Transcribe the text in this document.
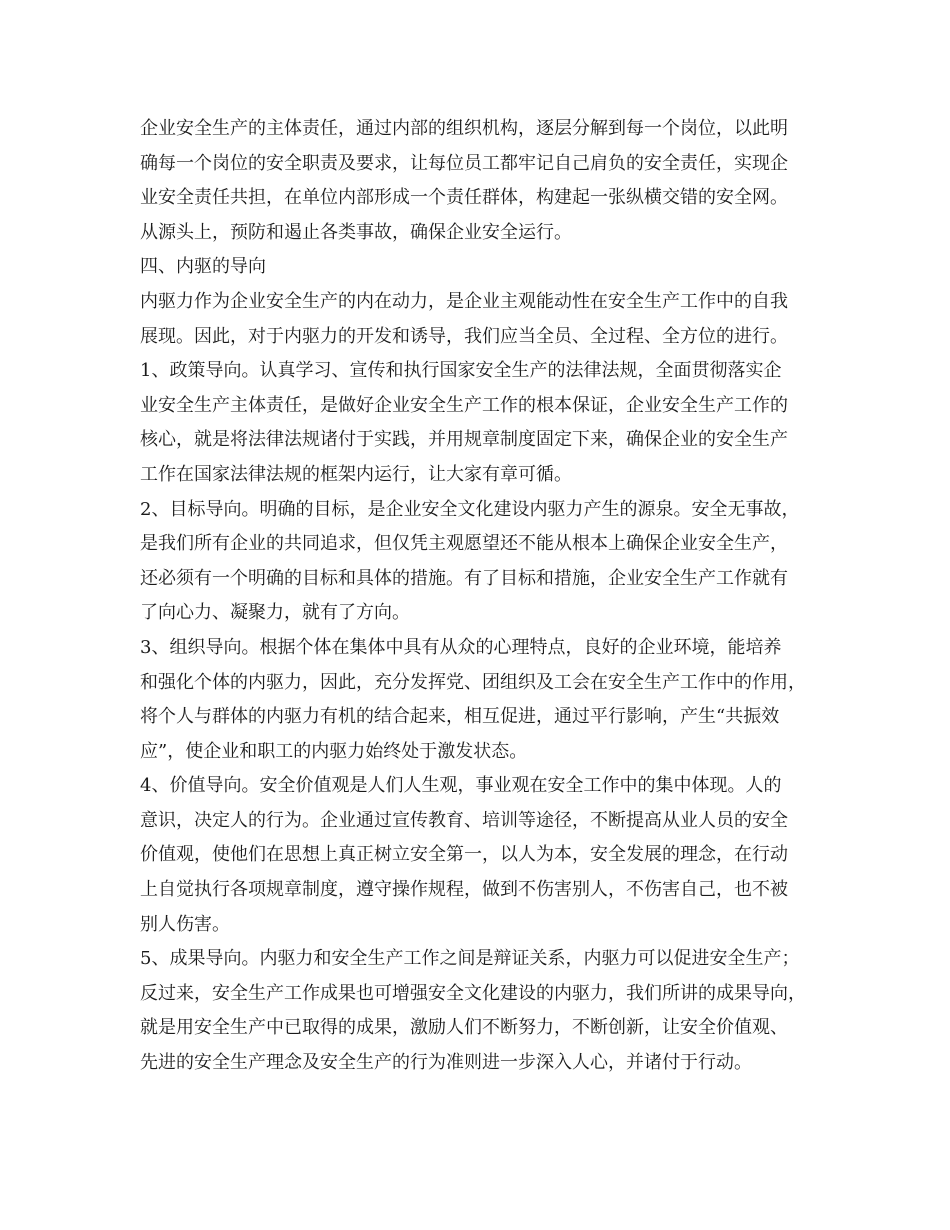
企业安全生产的主体责任，通过内部的组织机构，逐层分解到每一个岗位，以此明
确每一个岗位的安全职责及要求，让每位员工都牢记自己肩负的安全责任，实现企
业安全责任共担，在单位内部形成一个责任群体，构建起一张纵横交错的安全网。
从源头上，预防和遏止各类事故，确保企业安全运行。
四、内驱的导向
内驱力作为企业安全生产的内在动力，是企业主观能动性在安全生产工作中的自我
展现。因此，对于内驱力的开发和诱导，我们应当全员、全过程、全方位的进行。
1、政策导向。认真学习、宣传和执行国家安全生产的法律法规，全面贯彻落实企
业安全生产主体责任，是做好企业安全生产工作的根本保证，企业安全生产工作的
核心，就是将法律法规诸付于实践，并用规章制度固定下来，确保企业的安全生产
工作在国家法律法规的框架内运行，让大家有章可循。
2、目标导向。明确的目标，是企业安全文化建设内驱力产生的源泉。安全无事故，
是我们所有企业的共同追求，但仅凭主观愿望还不能从根本上确保企业安全生产，
还必须有一个明确的目标和具体的措施。有了目标和措施，企业安全生产工作就有
了向心力、凝聚力，就有了方向。
3、组织导向。根据个体在集体中具有从众的心理特点，良好的企业环境，能培养
和强化个体的内驱力，因此，充分发挥党、团组织及工会在安全生产工作中的作用，
将个人与群体的内驱力有机的结合起来，相互促进，通过平行影响，产生“共振效
应”，使企业和职工的内驱力始终处于激发状态。
4、价值导向。安全价值观是人们人生观，事业观在安全工作中的集中体现。人的
意识，决定人的行为。企业通过宣传教育、培训等途径，不断提高从业人员的安全
价值观，使他们在思想上真正树立安全第一，以人为本，安全发展的理念，在行动
上自觉执行各项规章制度，遵守操作规程，做到不伤害别人，不伤害自己，也不被
别人伤害。
5、成果导向。内驱力和安全生产工作之间是辩证关系，内驱力可以促进安全生产；
反过来，安全生产工作成果也可增强安全文化建设的内驱力，我们所讲的成果导向，
就是用安全生产中已取得的成果，激励人们不断努力，不断创新，让安全价值观、
先进的安全生产理念及安全生产的行为准则进一步深入人心，并诸付于行动。
